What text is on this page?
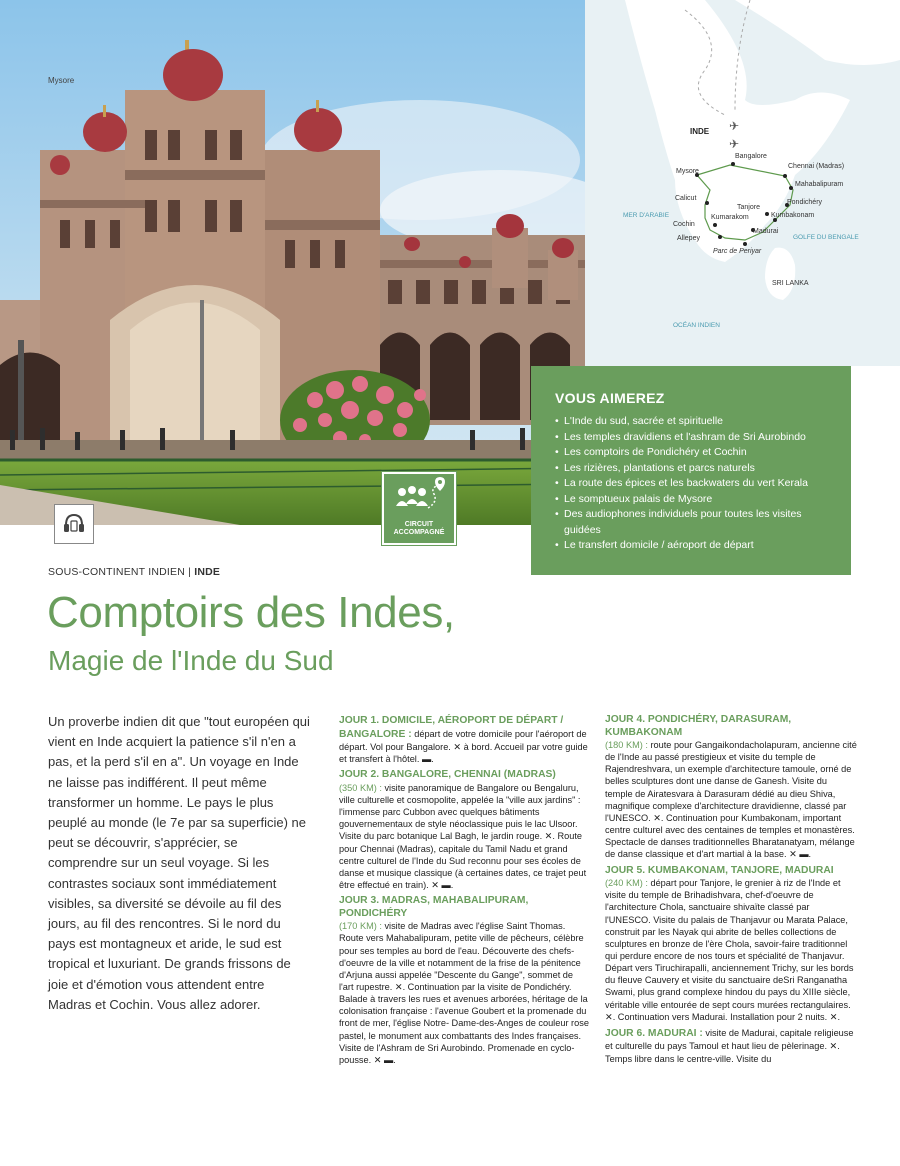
Mysore
✈
✈
INDE
MER D'ARABIE
GOLFE DU BENGALE
OCÉAN INDIEN
SRI LANKA
Mysore
Bangalore
Chennai (Madras)
Mahabalipuram
Calicut
Pondichéry
Tanjore
Kumbakonam
Kumarakom
Cochin
Madurai
Allepey
Parc de Periyar
VOUS AIMEREZ
• L'Inde du sud, sacrée et spirituelle
• Les temples dravidiens et l'ashram de Sri Aurobindo
• Les comptoirs de Pondichéry et Cochin
• Les rizières, plantations et parcs naturels
• La route des épices et les backwaters du vert Kerala
• Le somptueux palais de Mysore
• Des audiophones individuels pour toutes les visites guidées
• Le transfert domicile / aéroport de départ
CIRCUIT
ACCOMPAGNÉ
SOUS-CONTINENT INDIEN | INDE
Comptoirs des Indes,
Magie de l'Inde du Sud
Un proverbe indien dit que "tout européen qui vient en Inde acquiert la patience s'il n'en a pas, et la perd s'il en a". Un voyage en Inde ne laisse pas indifférent. Il peut même transformer un homme. Le pays le plus peuplé au monde (le 7e par sa superficie) ne peut se découvrir, s'apprécier, se comprendre sur un seul voyage. Si les contrastes sociaux sont immédiatement visibles, sa diversité se dévoile au fil des jours, au fil des rencontres. Si le nord du pays est montagneux et aride, le sud est tropical et luxuriant. De grands frissons de joie et d'émotion vous attendent entre Madras et Cochin. Vous allez adorer.
JOUR 1. DOMICILE, AÉROPORT DE DÉPART / BANGALORE : départ de votre domicile pour l'aéroport de départ. Vol pour Bangalore. ✕ à bord. Accueil par votre guide et transfert à l'hôtel. ▬.
JOUR 2. BANGALORE, CHENNAI (MADRAS)
(350 KM) : visite panoramique de Bangalore ou Bengaluru, ville culturelle et cosmopolite, appelée la "ville aux jardins" : l'immense parc Cubbon avec quelques bâtiments gouvernementaux de style néoclassique puis le lac Ulsoor. Visite du parc botanique Lal Bagh, le jardin rouge. ✕. Route pour Chennai (Madras), capitale du Tamil Nadu et grand centre culturel de l'Inde du Sud reconnu pour ses écoles de danse et musique classique (à certaines dates, ce trajet peut être effectué en train). ✕ ▬.
JOUR 3. MADRAS, MAHABALIPURAM, PONDICHÉRY
(170 KM) : visite de Madras avec l'église Saint Thomas. Route vers Mahabalipuram, petite ville de pêcheurs, célèbre pour ses temples au bord de l'eau. Découverte des chefs-d'oeuvre de la ville et notamment de la frise de la pénitence d'Arjuna aussi appelée "Descente du Gange", sommet de l'art rupestre. ✕. Continuation par la visite de Pondichéry. Balade à travers les rues et avenues arborées, héritage de la colonisation française : l'avenue Goubert et la promenade du front de mer, l'église Notre- Dame-des-Anges de couleur rose pastel, le monument aux combattants des Indes françaises. Visite de l'Ashram de Sri Aurobindo. Promenade en cyclo-pousse. ✕ ▬.
JOUR 4. PONDICHÉRY, DARASURAM, KUMBAKONAM
(180 KM) : route pour Gangaikondacholapuram, ancienne cité de l'Inde au passé prestigieux et visite du temple de Rajendreshvara, un exemple d'architecture tamoule, orné de belles sculptures dont une danse de Ganesh. Visite du temple de Airatesvara à Darasuram dédié au dieu Shiva, magnifique complexe d'architecture dravidienne, classé par l'UNESCO. ✕. Continuation pour Kumbakonam, important centre culturel avec des centaines de temples et monastères. Spectacle de danses traditionnelles Bharatanatyam, mélange de danse classique et d'art martial à la base. ✕ ▬.
JOUR 5. KUMBAKONAM, TANJORE, MADURAI
(240 KM) : départ pour Tanjore, le grenier à riz de l'Inde et visite du temple de Brihadishvara, chef-d'oeuvre de l'architecture Chola, sanctuaire shivaïte classé par l'UNESCO. Visite du palais de Thanjavur ou Marata Palace, construit par les Nayak qui abrite de belles collections de sculptures en bronze de l'ère Chola, savoir-faire traditionnel qui perdure encore de nos tours et spécialité de Thanjavur. Départ vers Tiruchirapalli, anciennement Trichy, sur les bords du fleuve Cauvery et visite du sanctuaire deSri Ranganatha Swami, plus grand complexe hindou du pays du XIIIe siècle, véritable ville entourée de sept cours murées rectangulaires. ✕. Continuation vers Madurai. Installation pour 2 nuits. ✕.
JOUR 6. MADURAI : visite de Madurai, capitale religieuse et culturelle du pays Tamoul et haut lieu de pèlerinage. ✕. Temps libre dans le centre-ville. Visite du
